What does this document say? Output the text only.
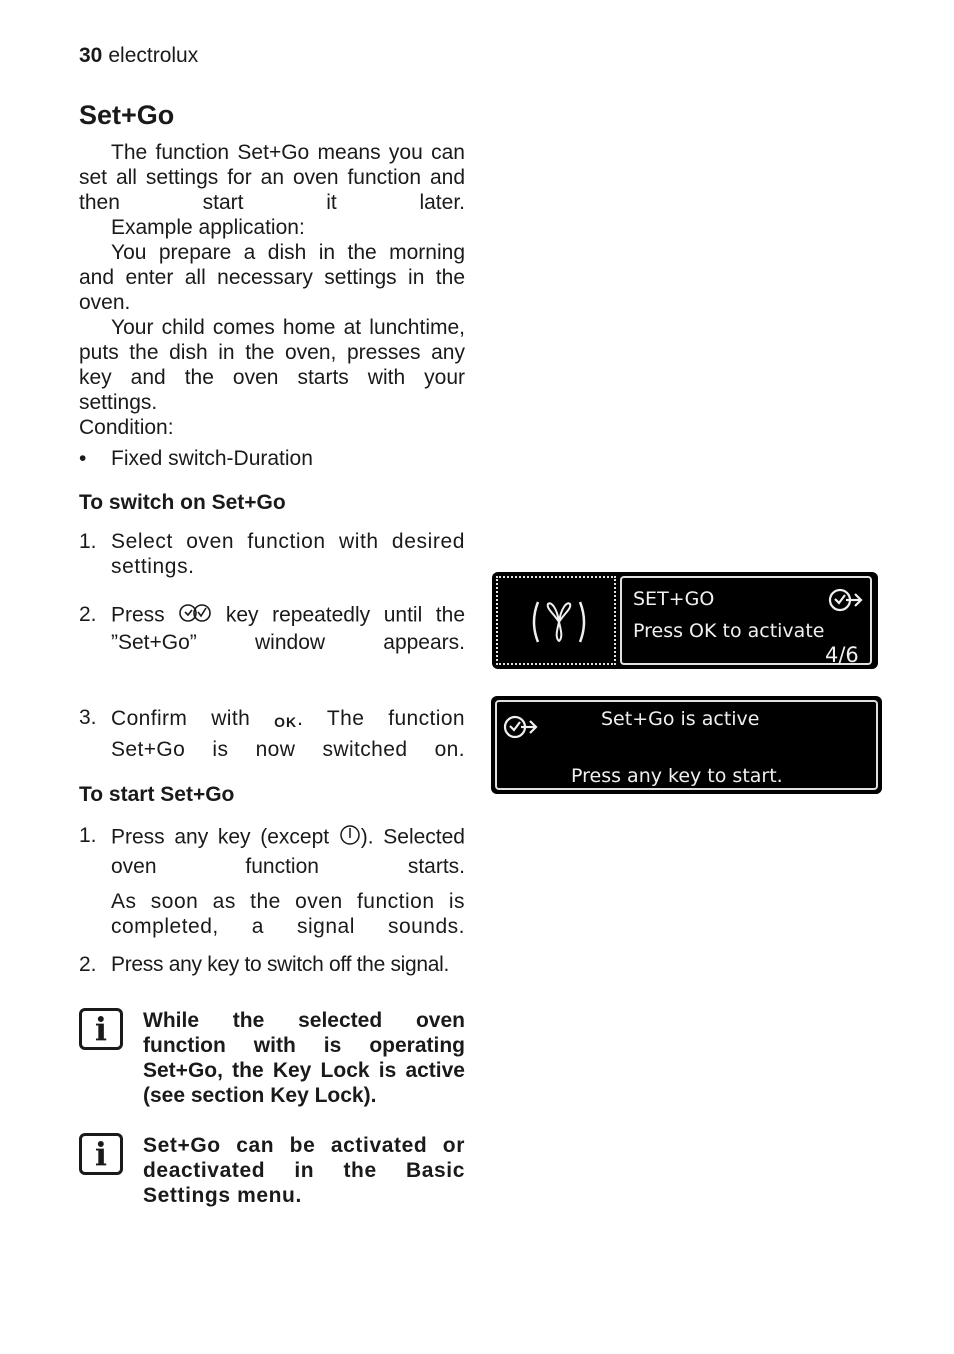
30 electrolux
Set+Go
The function Set+Go means you can set all settings for an oven function and then start it later.
Example application:
You prepare a dish in the morning and enter all necessary settings in the oven.
Your child comes home at lunchtime, puts the dish in the oven, presses any key and the oven starts with your settings.
Condition:
• Fixed switch-Duration
To switch on Set+Go
1. Select oven function with desired settings.
2. Press	key repeatedly until the ”Set+Go” window appears.
3. Confirm with OK. The function Set+Go is now switched on.
To start Set+Go
1. Press any key (except ). Selected oven function starts.
As soon as the oven function is completed, a signal sounds.
2. Press any key to switch off the signal.
i	While the selected oven function with is operating Set+Go, the Key Lock is active (see section Key Lock).
i	Set+Go can be activated or deactivated in the Basic Settings menu.
SET+GO
Press OK to activate
4/6
Set+Go is active
Press any key to start.
